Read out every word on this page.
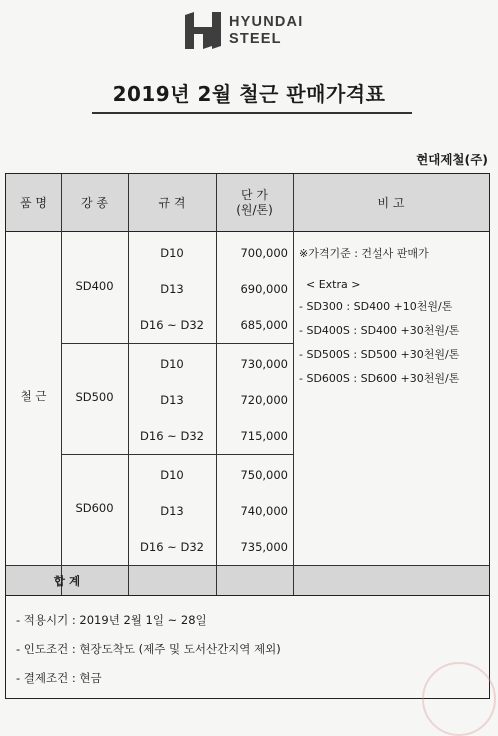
HYUNDAI
STEEL
2019년 2월 철근 판매가격표
현대제철(주)
품 명	강 종	규 격
단 가
(원/톤)
비 고
철 근
SD400
D10
D13
D16 ~ D32
700,000
690,000
685,000
SD500
D10
D13
D16 ~ D32
730,000
720,000
715,000
SD600
D10
D13
D16 ~ D32
750,000
740,000
735,000
합 계
※가격기준 : 건설사 판매가
< Extra >
- SD300 : SD400 +10천원/톤
- SD400S : SD400 +30천원/톤
- SD500S : SD500 +30천원/톤
- SD600S : SD600 +30천원/톤
- 적용시기 : 2019년 2월 1일 ~ 28일
- 인도조건 : 현장도착도 (제주 및 도서산간지역 제외)
- 결제조건 : 현금
